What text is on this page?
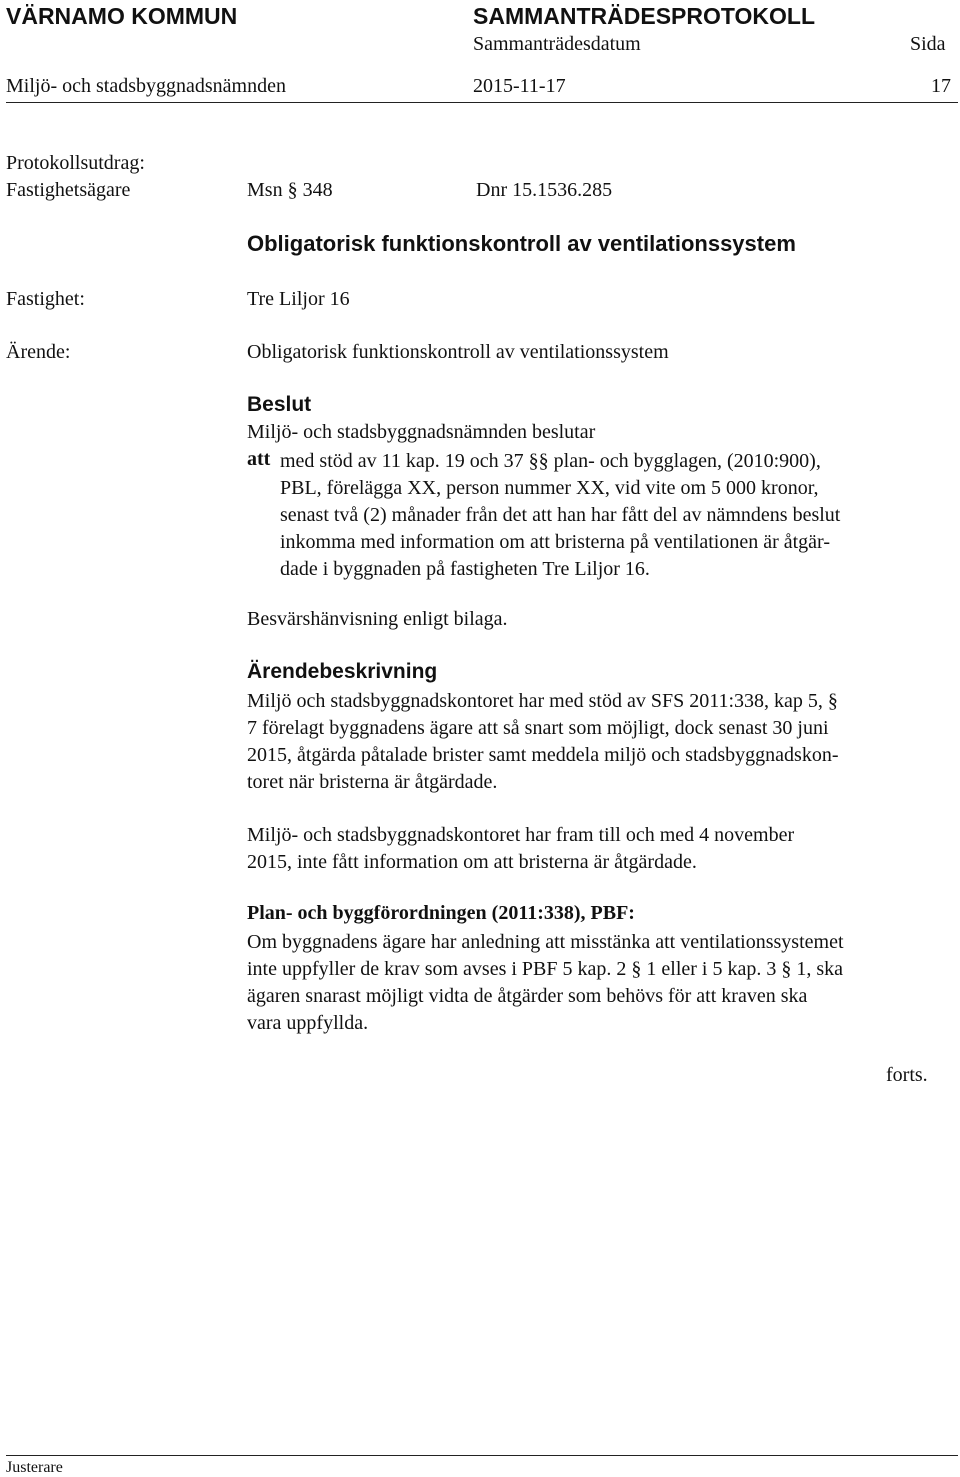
VÄRNAMO KOMMUN	SAMMANTRÄDESPROTOKOLL
Sammanträdesdatum	Sida
Miljö- och stadsbyggnadsnämnden	2015-11-17	17
Protokollsutdrag:
Fastighetsägare	Msn § 348	Dnr 15.1536.285
Obligatorisk funktionskontroll av ventilationssystem
Fastighet:	Tre Liljor 16
Ärende:	Obligatorisk funktionskontroll av ventilationssystem
Beslut
Miljö- och stadsbyggnadsnämnden beslutar
att med stöd av 11 kap. 19 och 37 §§ plan- och bygglagen, (2010:900),
PBL, förelägga XX, person nummer XX, vid vite om 5 000 kronor,
senast två (2) månader från det att han har fått del av nämndens beslut
inkomma med information om att bristerna på ventilationen är åtgär-
dade i byggnaden på fastigheten Tre Liljor 16.
Besvärshänvisning enligt bilaga.
Ärendebeskrivning
Miljö och stadsbyggnadskontoret har med stöd av SFS 2011:338, kap 5, §
7 förelagt byggnadens ägare att så snart som möjligt, dock senast 30 juni
2015, åtgärda påtalade brister samt meddela miljö och stadsbyggnadskon-
toret när bristerna är åtgärdade.
Miljö- och stadsbyggnadskontoret har fram till och med 4 november
2015, inte fått information om att bristerna är åtgärdade.
Plan- och byggförordningen (2011:338), PBF:
Om byggnadens ägare har anledning att misstänka att ventilationssystemet
inte uppfyller de krav som avses i PBF 5 kap. 2 § 1 eller i 5 kap. 3 § 1, ska
ägaren snarast möjligt vidta de åtgärder som behövs för att kraven ska
vara uppfyllda.
forts.
Justerare
